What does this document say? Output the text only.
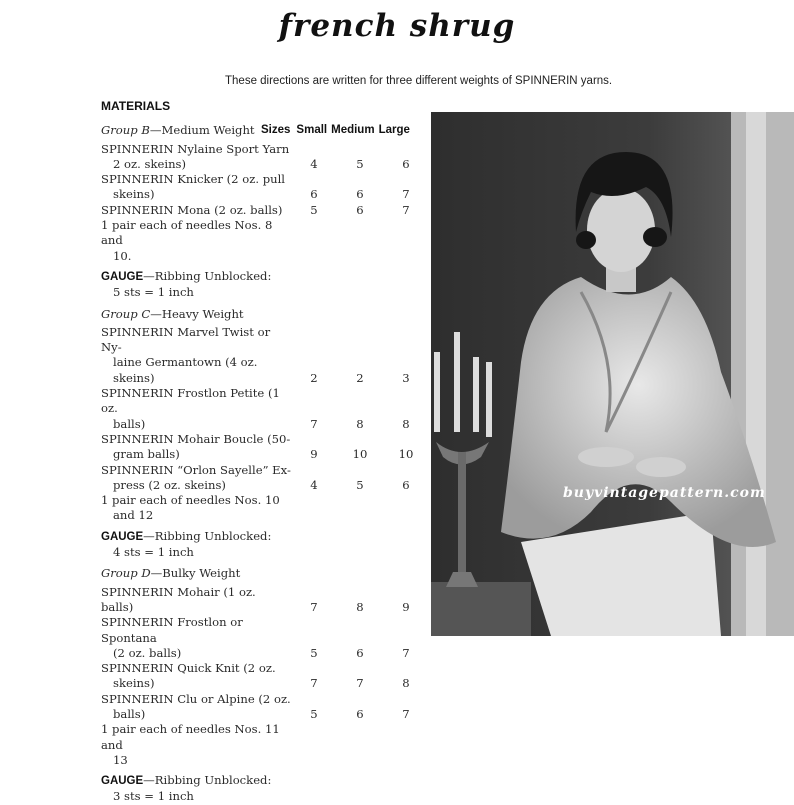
french shrug
These directions are written for three different weights of SPINNERIN yarns.
MATERIALS
Group B—Medium Weight Sizes Small Medium Large
SPINNERIN Nylaine Sport Yarn
2 oz. skeins)	4	5	6
SPINNERIN Knicker (2 oz. pull
skeins)	6	6	7
SPINNERIN Mona (2 oz. balls)	5	6	7
1 pair each of needles Nos. 8 and
10.
GAUGE—Ribbing Unblocked:
5 sts = 1 inch
Group C—Heavy Weight
SPINNERIN Marvel Twist or Ny-
laine Germantown (4 oz. skeins)	2	2	3
SPINNERIN Frostlon Petite (1 oz.
balls)	7	8	8
SPINNERIN Mohair Boucle (50-
gram balls)	9	10	10
SPINNERIN “Orlon Sayelle” Ex-
press (2 oz. skeins)	4	5	6
1 pair each of needles Nos. 10
and 12
GAUGE—Ribbing Unblocked:
4 sts = 1 inch
Group D—Bulky Weight
SPINNERIN Mohair (1 oz. balls)	7	8	9
SPINNERIN Frostlon or Spontana
(2 oz. balls)	5	6	7
SPINNERIN Quick Knit (2 oz.
skeins)	7	7	8
SPINNERIN Clu or Alpine (2 oz.
balls)	5	6	7
1 pair each of needles Nos. 11 and
13
GAUGE—Ribbing Unblocked:
3 sts = 1 inch
buyvintagepattern.com
